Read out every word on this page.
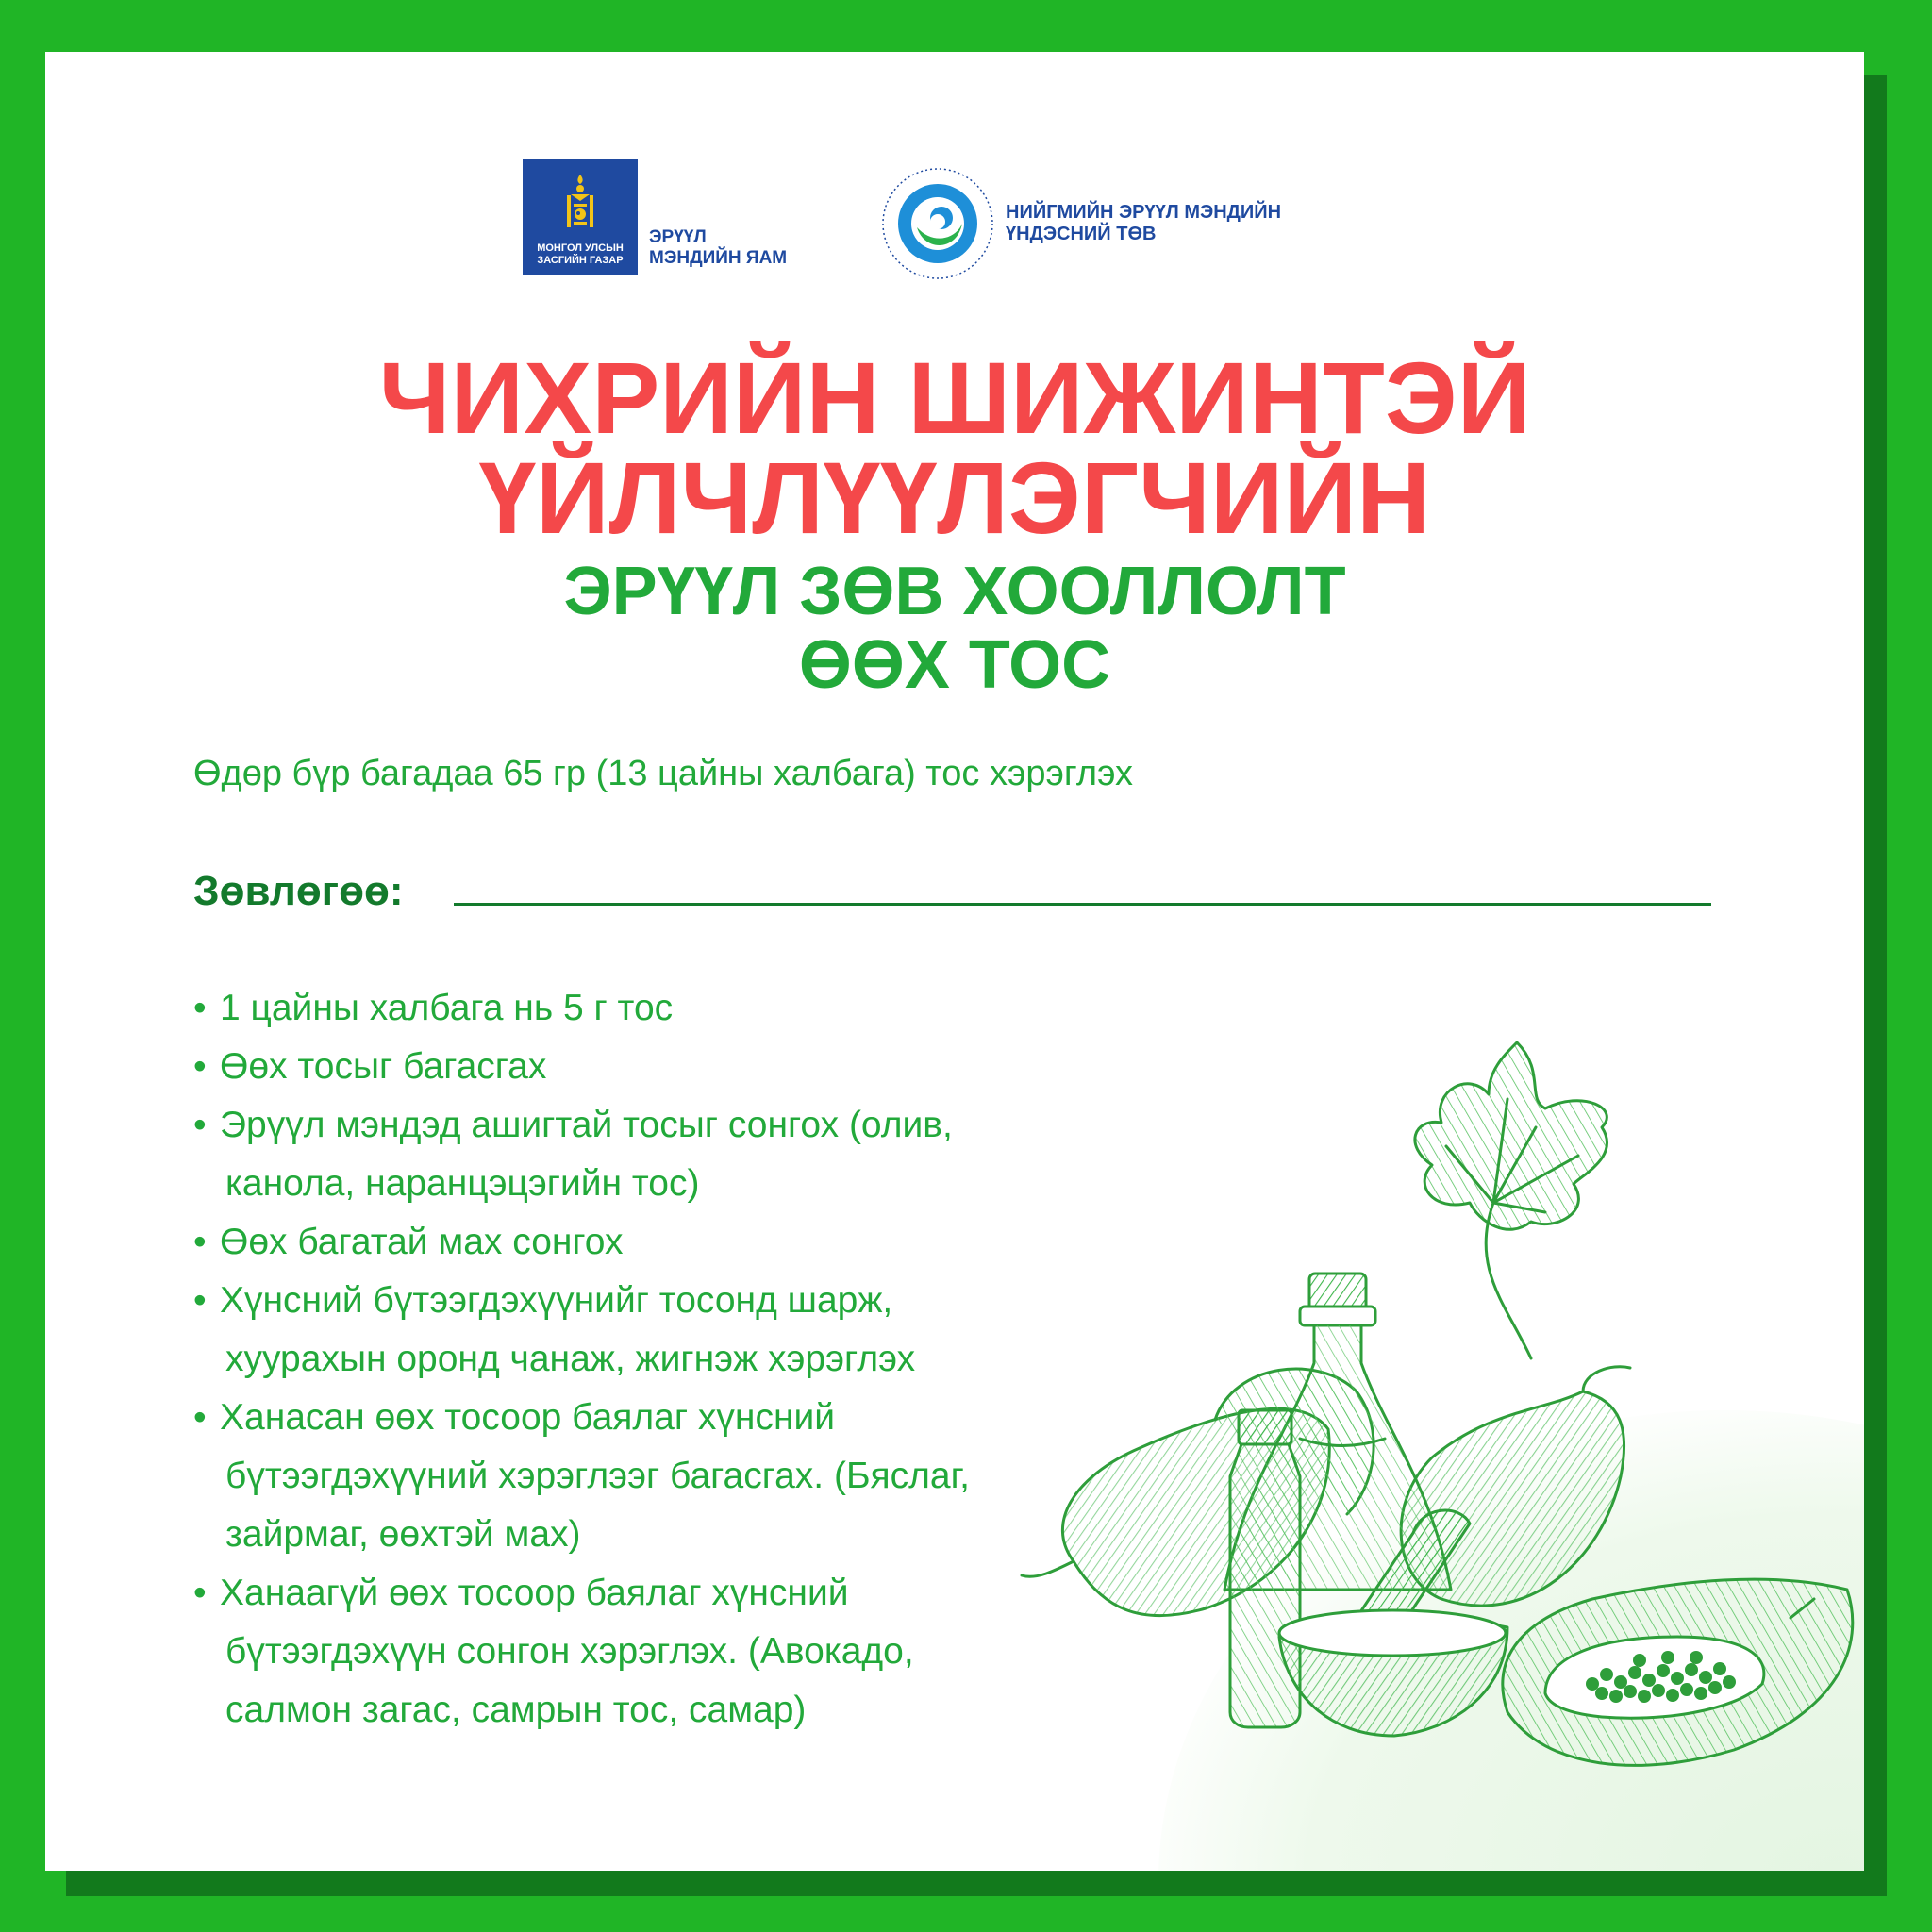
МОНГОЛ УЛСЫН
ЗАСГИЙН ГАЗАР
ЭРҮҮЛ
МЭНДИЙН ЯАМ
НИЙГМИЙН ЭРҮҮЛ МЭНДИЙН
ҮНДЭСНИЙ ТӨВ
ЧИХРИЙН ШИЖИНТЭЙ
ҮЙЛЧЛҮҮЛЭГЧИЙН
ЭРҮҮЛ ЗӨВ ХООЛЛОЛТ
ӨӨХ ТОС
Өдөр бүр багадаа 65 гр (13 цайны халбага) тос хэрэглэх
Зөвлөгөө:
• 1 цайны халбага нь 5 г тос
• Өөх тосыг багасгах
• Эрүүл мэндэд ашигтай тосыг сонгох (олив,
канола, наранцэцэгийн тос)
• Өөх багатай мах сонгох
• Хүнсний бүтээгдэхүүнийг тосонд шарж,
хуурахын оронд чанаж, жигнэж хэрэглэх
• Ханасан өөх тосоор баялаг хүнсний
бүтээгдэхүүний хэрэглээг багасгах. (Бяслаг,
зайрмаг, өөхтэй мах)
• Ханаагүй өөх тосоор баялаг хүнсний
бүтээгдэхүүн сонгон хэрэглэх. (Авокадо,
салмон загас, самрын тос, самар)
